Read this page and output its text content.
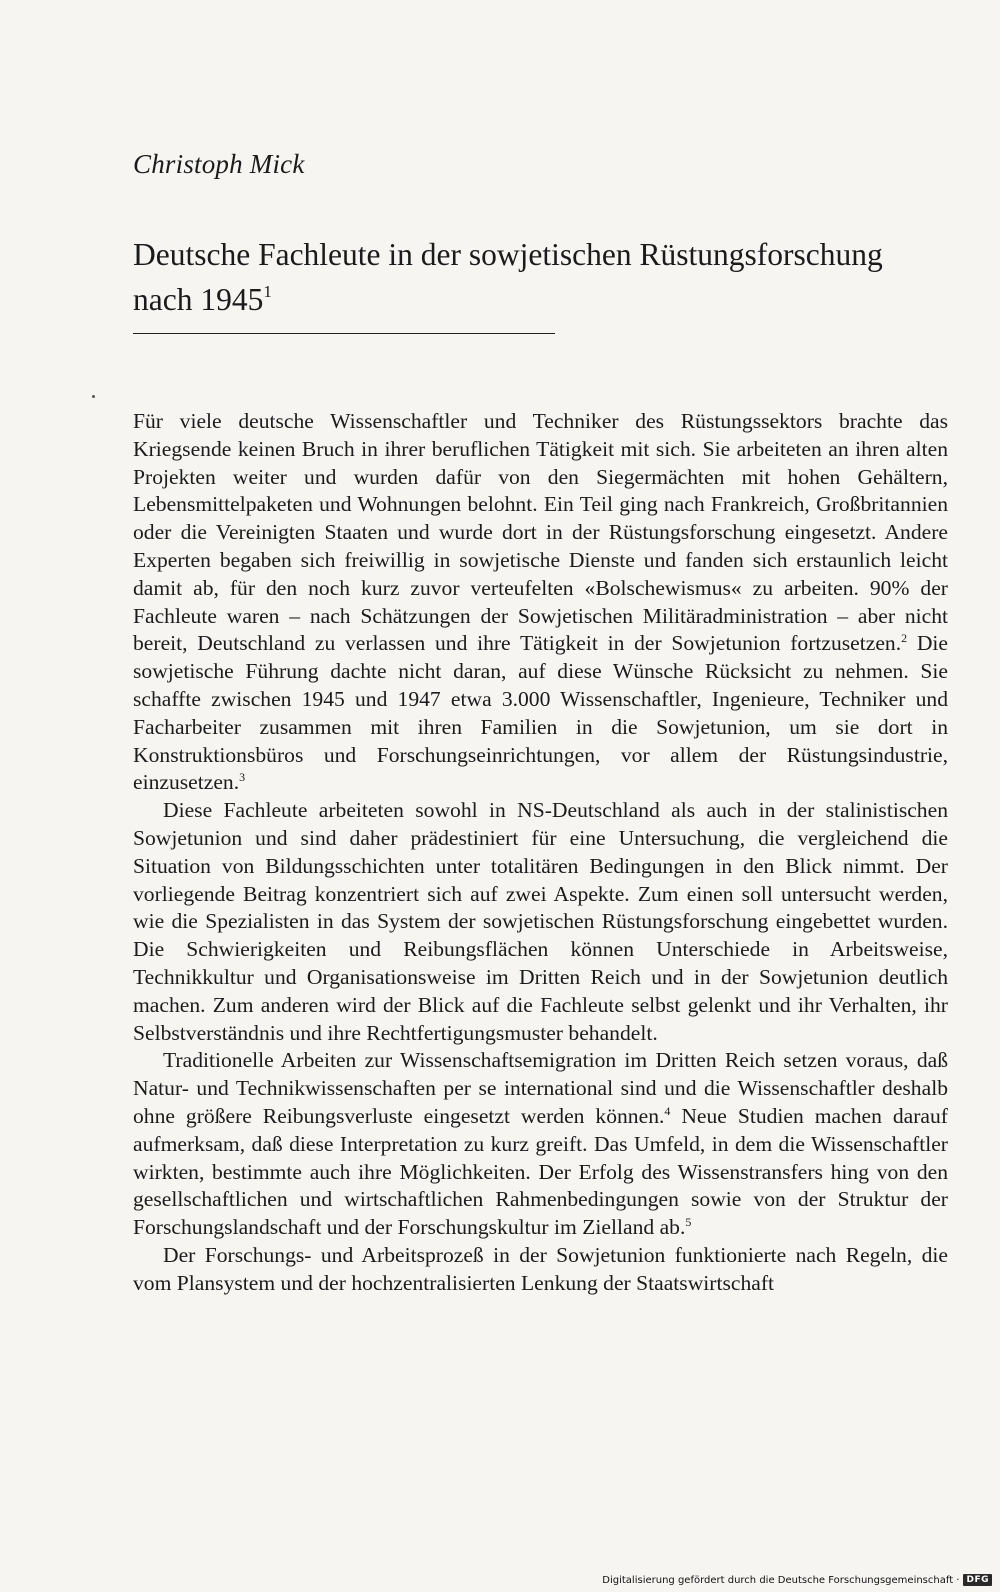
Christoph Mick
Deutsche Fachleute in der sowjetischen Rüstungsforschung nach 1945$^1$

Für viele deutsche Wissenschaftler und Techniker des Rüstungssektors brachte das Kriegsende keinen Bruch in ihrer beruflichen Tätigkeit mit sich. Sie arbeiteten an ihren alten Projekten weiter und wurden dafür von den Siegermächten mit hohen Gehältern, Lebensmittelpaketen und Wohnungen belohnt. Ein Teil ging nach Frankreich, Großbritannien oder die Vereinigten Staaten und wurde dort in der Rüstungsforschung eingesetzt. Andere Experten begaben sich freiwillig in sowjetische Dienste und fanden sich erstaunlich leicht damit ab, für den noch kurz zuvor verteufelten «Bolschewismus« zu arbeiten. 90% der Fachleute waren – nach Schätzungen der Sowjetischen Militäradministration – aber nicht bereit, Deutschland zu verlassen und ihre Tätigkeit in der Sowjetunion fortzusetzen.$^2$ Die sowjetische Führung dachte nicht daran, auf diese Wünsche Rücksicht zu nehmen. Sie schaffte zwischen 1945 und 1947 etwa 3.000 Wissenschaftler, Ingenieure, Techniker und Facharbeiter zusammen mit ihren Familien in die Sowjetunion, um sie dort in Konstruktionsbüros und Forschungseinrichtungen, vor allem der Rüstungsindustrie, einzusetzen.$^3$

Diese Fachleute arbeiteten sowohl in NS-Deutschland als auch in der stalinistischen Sowjetunion und sind daher prädestiniert für eine Untersuchung, die vergleichend die Situation von Bildungsschichten unter totalitären Bedingungen in den Blick nimmt. Der vorliegende Beitrag konzentriert sich auf zwei Aspekte. Zum einen soll untersucht werden, wie die Spezialisten in das System der sowjetischen Rüstungsforschung eingebettet wurden. Die Schwierigkeiten und Reibungsflächen können Unterschiede in Arbeitsweise, Technikkultur und Organisationsweise im Dritten Reich und in der Sowjetunion deutlich machen. Zum anderen wird der Blick auf die Fachleute selbst gelenkt und ihr Verhalten, ihr Selbstverständnis und ihre Rechtfertigungsmuster behandelt.

Traditionelle Arbeiten zur Wissenschaftsemigration im Dritten Reich setzen voraus, daß Natur- und Technikwissenschaften per se international sind und die Wissenschaftler deshalb ohne größere Reibungsverluste eingesetzt werden können.$^4$ Neue Studien machen darauf aufmerksam, daß diese Interpretation zu kurz greift. Das Umfeld, in dem die Wissenschaftler wirkten, bestimmte auch ihre Möglichkeiten. Der Erfolg des Wissenstransfers hing von den gesellschaftlichen und wirtschaftlichen Rahmenbedingungen sowie von der Struktur der Forschungslandschaft und der Forschungskultur im Zielland ab.$^5$

Der Forschungs- und Arbeitsprozeß in der Sowjetunion funktionierte nach Regeln, die vom Plansystem und der hochzentralisierten Lenkung der Staatswirtschaft

Digitalisierung gefördert durch die Deutsche Forschungsgemeinschaft · DFG
